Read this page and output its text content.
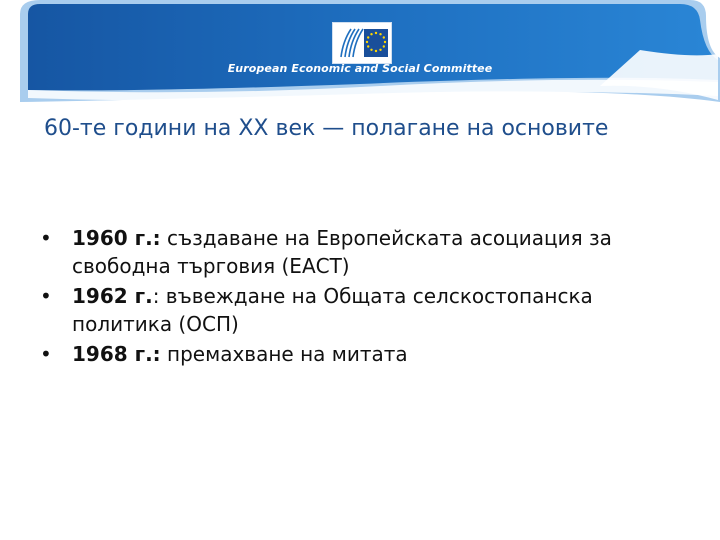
European Economic and Social Committee
60-те години на XX век — полагане на основите
• 1960 г.: създаване на Европейската асоциация за свободна търговия (ЕАСТ)
• 1962 г.: въвеждане на Общата селскостопанска политика (ОСП)
• 1968 г.: премахване на митата
